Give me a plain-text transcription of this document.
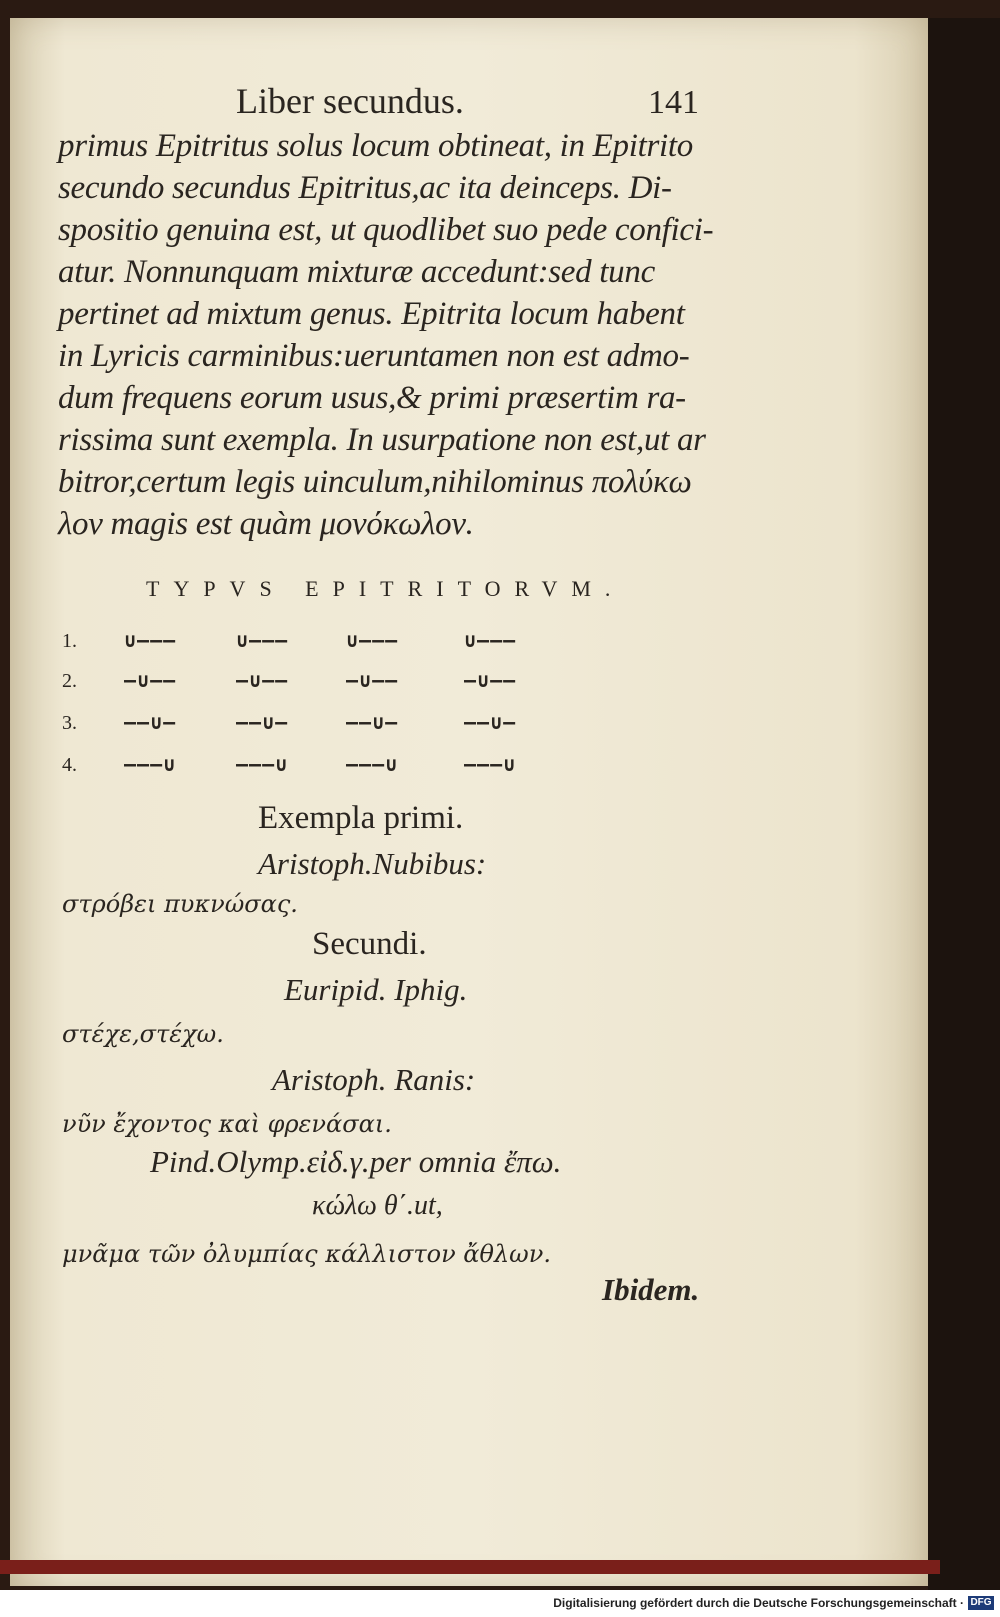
Liber secundus.	141
primus Epitritus solus locum obtineat, in Epitrito
secundo secundus Epitritus,ac ita deinceps. Di-
spositio genuina est, ut quodlibet suo pede confici-
atur. Nonnunquam mixturæ accedunt:sed tunc
pertinet ad mixtum genus. Epitrita locum habent
in Lyricis carminibus:ueruntamen non est admo-
dum frequens eorum usus,& primi præsertim ra-
rissima sunt exempla. In usurpatione non est,ut ar
bitror,certum legis uinculum,nihilominus πολύκω
λον magis est quàm μονόκωλον.
TYPVS EPITRITORVM.
1. ∪–––	∪–––	∪–––	∪–––
2. –∪––	–∪––	–∪––	–∪––
3. ––∪–	––∪–	––∪–	––∪–
4. –––∪	–––∪	–––∪	–––∪
Exempla primi.
Aristoph.Nubibus:
στρόβει πυκνώσας.
Secundi.
Euripid. Iphig.
στέχε,στέχω.
Aristoph. Ranis:
νῦν ἔχοντος καὶ φρενάσαι.
Pind.Olymp.εἰδ.γ.per omnia ἔπω.
κώλω θ΄.ut,
μνᾶμα τῶν ὀλυμπίας κάλλιστον ἄθλων.
Ibidem.
Digitalisierung gefördert durch die Deutsche Forschungsgemeinschaft · DFG
